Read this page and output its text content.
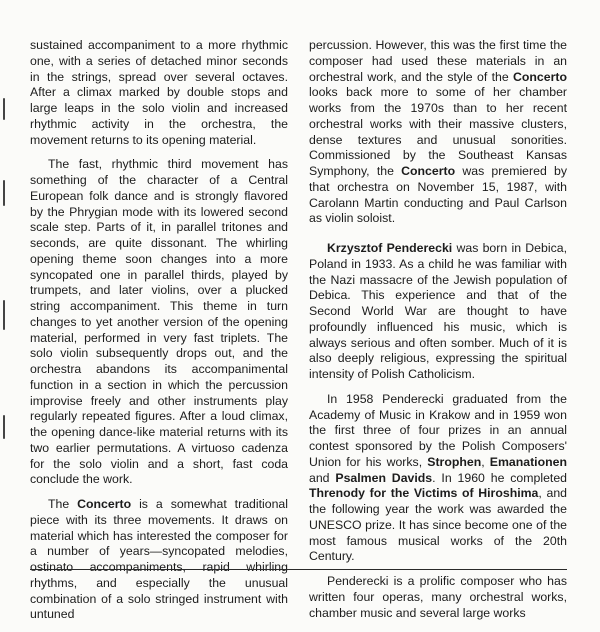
sustained accompaniment to a more rhythmic one, with a series of detached minor seconds in the strings, spread over several octaves. After a climax marked by double stops and large leaps in the solo violin and increased rhythmic activity in the orchestra, the movement returns to its opening material.

The fast, rhythmic third movement has something of the character of a Central European folk dance and is strongly flavored by the Phrygian mode with its lowered second scale step. Parts of it, in parallel tritones and seconds, are quite dissonant. The whirling opening theme soon changes into a more syncopated one in parallel thirds, played by trumpets, and later violins, over a plucked string accompaniment. This theme in turn changes to yet another version of the opening material, performed in very fast triplets. The solo violin subsequently drops out, and the orchestra abandons its accompanimental function in a section in which the percussion improvise freely and other instruments play regularly repeated figures. After a loud climax, the opening dance-like material returns with its two earlier permutations. A virtuoso cadenza for the solo violin and a short, fast coda conclude the work.

The Concerto is a somewhat traditional piece with its three movements. It draws on material which has interested the composer for a number of years—syncopated melodies, ostinato accompaniments, rapid whirling rhythms, and especially the unusual combination of a solo stringed instrument with untuned

percussion. However, this was the first time the composer had used these materials in an orchestral work, and the style of the Concerto looks back more to some of her chamber works from the 1970s than to her recent orchestral works with their massive clusters, dense textures and unusual sonorities. Commissioned by the Southeast Kansas Symphony, the Concerto was premiered by that orchestra on November 15, 1987, with Carolann Martin conducting and Paul Carlson as violin soloist.

Krzysztof Penderecki was born in Debica, Poland in 1933. As a child he was familiar with the Nazi massacre of the Jewish population of Debica. This experience and that of the Second World War are thought to have profoundly influenced his music, which is always serious and often somber. Much of it is also deeply religious, expressing the spiritual intensity of Polish Catholicism.

In 1958 Penderecki graduated from the Academy of Music in Krakow and in 1959 won the first three of four prizes in an annual contest sponsored by the Polish Composers' Union for his works, Strophen, Emanationen and Psalmen Davids. In 1960 he completed Threnody for the Victims of Hiroshima, and the following year the work was awarded the UNESCO prize. It has since become one of the most famous musical works of the 20th Century.

Penderecki is a prolific composer who has written four operas, many orchestral works, chamber music and several large works
